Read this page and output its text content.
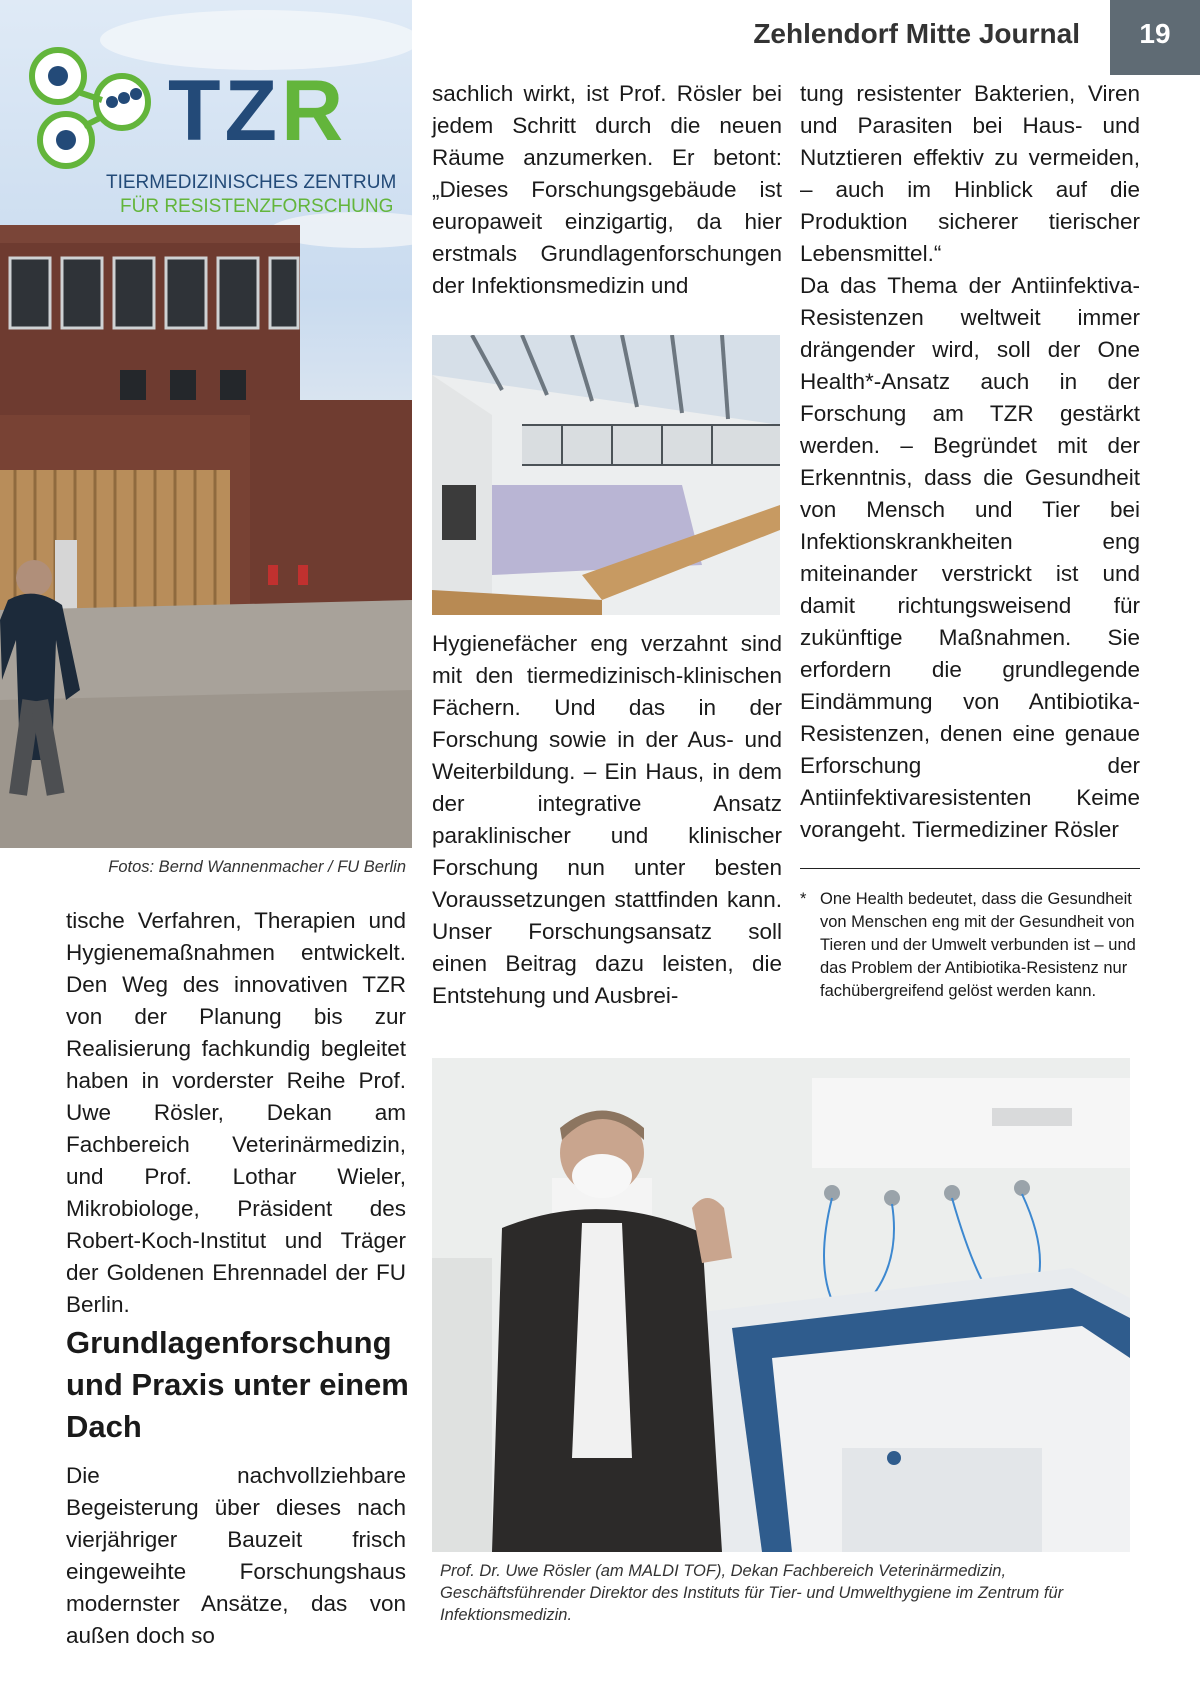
Zehlendorf Mitte Journal	19
TZR
TIERMEDIZINISCHES ZENTRUM
FÜR RESISTENZFORSCHUNG
Fotos: Bernd Wannenmacher / FU Berlin
Prof. Dr. Uwe Rösler (am MALDI TOF), Dekan Fachbereich Veterinärmedizin, Geschäftsführender Direktor des Instituts für Tier- und Umwelthygiene im Zentrum für Infektionsmedizin.

tische Verfahren, Therapien und Hygienemaßnahmen entwickelt. Den Weg des innovativen TZR von der Planung bis zur Realisierung fachkundig begleitet haben in vorderster Reihe Prof. Uwe Rösler, Dekan am Fachbereich Veterinärmedizin, und Prof. Lothar Wieler, Mikrobiologe, Präsident des Robert-Koch-Institut und Träger der Goldenen Ehrennadel der FU Berlin.

Grundlagenforschung und Praxis unter einem Dach

Die nachvollziehbare Begeisterung über dieses nach vierjähriger Bauzeit frisch eingeweihte Forschungshaus modernster Ansätze, das von außen doch so

sachlich wirkt, ist Prof. Rösler bei jedem Schritt durch die neuen Räume anzumerken. Er betont: „Dieses Forschungsgebäude ist europaweit einzigartig, da hier erstmals Grundlagenforschungen der Infektionsmedizin und

Hygienefächer eng verzahnt sind mit den tiermedizinisch-klinischen Fächern. Und das in der Forschung sowie in der Aus- und Weiterbildung. – Ein Haus, in dem der integrative Ansatz paraklinischer und klinischer Forschung nun unter besten Voraussetzungen stattfinden kann. Unser Forschungsansatz soll einen Beitrag dazu leisten, die Entstehung und Ausbrei-

tung resistenter Bakterien, Viren und Parasiten bei Haus- und Nutztieren effektiv zu vermeiden, – auch im Hinblick auf die Produktion sicherer tierischer Lebensmittel.“

Da das Thema der Antiinfektiva-Resistenzen weltweit immer drängender wird, soll der One Health*-Ansatz auch in der Forschung am TZR gestärkt werden. – Begründet mit der Erkenntnis, dass die Gesundheit von Mensch und Tier bei Infektionskrankheiten eng miteinander verstrickt ist und damit richtungsweisend für zukünftige Maßnahmen. Sie erfordern die grundlegende Eindämmung von Antibiotika-Resistenzen, denen eine genaue Erforschung der Antiinfektivaresistenten Keime vorangeht. Tiermediziner Rösler

* One Health bedeutet, dass die Gesundheit von Menschen eng mit der Gesundheit von Tieren und der Umwelt verbunden ist – und das Problem der Antibiotika-Resistenz nur fachübergreifend gelöst werden kann.
